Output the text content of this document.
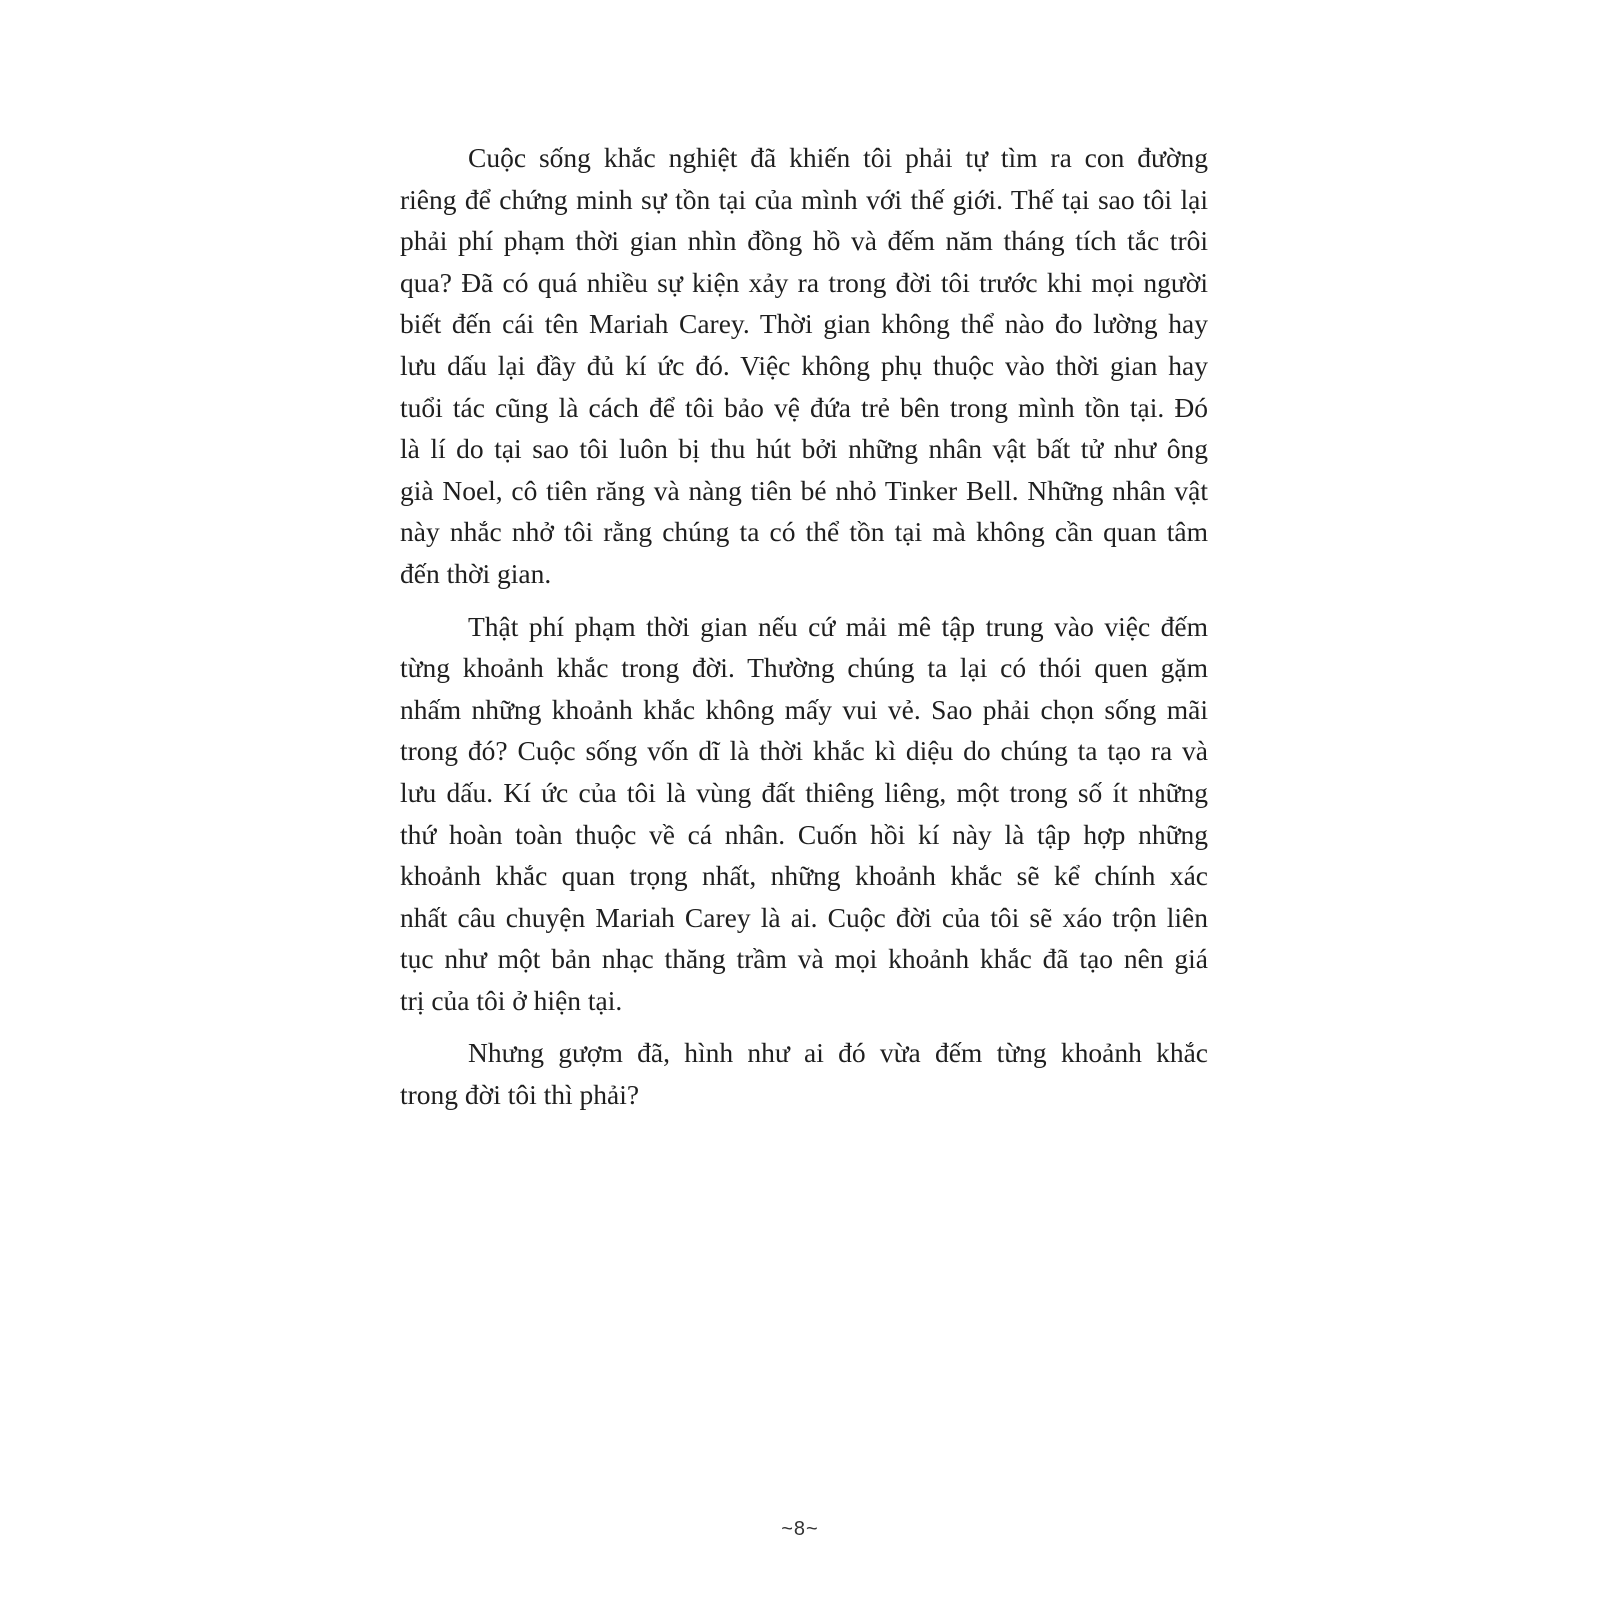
Cuộc sống khắc nghiệt đã khiến tôi phải tự tìm ra con đường
riêng để chứng minh sự tồn tại của mình với thế giới. Thế tại sao tôi lại
phải phí phạm thời gian nhìn đồng hồ và đếm năm tháng tích tắc trôi
qua? Đã có quá nhiều sự kiện xảy ra trong đời tôi trước khi mọi người
biết đến cái tên Mariah Carey. Thời gian không thể nào đo lường hay
lưu dấu lại đầy đủ kí ức đó. Việc không phụ thuộc vào thời gian hay
tuổi tác cũng là cách để tôi bảo vệ đứa trẻ bên trong mình tồn tại. Đó
là lí do tại sao tôi luôn bị thu hút bởi những nhân vật bất tử như ông
già Noel, cô tiên răng và nàng tiên bé nhỏ Tinker Bell. Những nhân vật
này nhắc nhở tôi rằng chúng ta có thể tồn tại mà không cần quan tâm
đến thời gian.
Thật phí phạm thời gian nếu cứ mải mê tập trung vào việc đếm
từng khoảnh khắc trong đời. Thường chúng ta lại có thói quen gặm
nhấm những khoảnh khắc không mấy vui vẻ. Sao phải chọn sống mãi
trong đó? Cuộc sống vốn dĩ là thời khắc kì diệu do chúng ta tạo ra và
lưu dấu. Kí ức của tôi là vùng đất thiêng liêng, một trong số ít những
thứ hoàn toàn thuộc về cá nhân. Cuốn hồi kí này là tập hợp những
khoảnh khắc quan trọng nhất, những khoảnh khắc sẽ kể chính xác
nhất câu chuyện Mariah Carey là ai. Cuộc đời của tôi sẽ xáo trộn liên
tục như một bản nhạc thăng trầm và mọi khoảnh khắc đã tạo nên giá
trị của tôi ở hiện tại.
Nhưng gượm đã, hình như ai đó vừa đếm từng khoảnh khắc
trong đời tôi thì phải?
~8~
